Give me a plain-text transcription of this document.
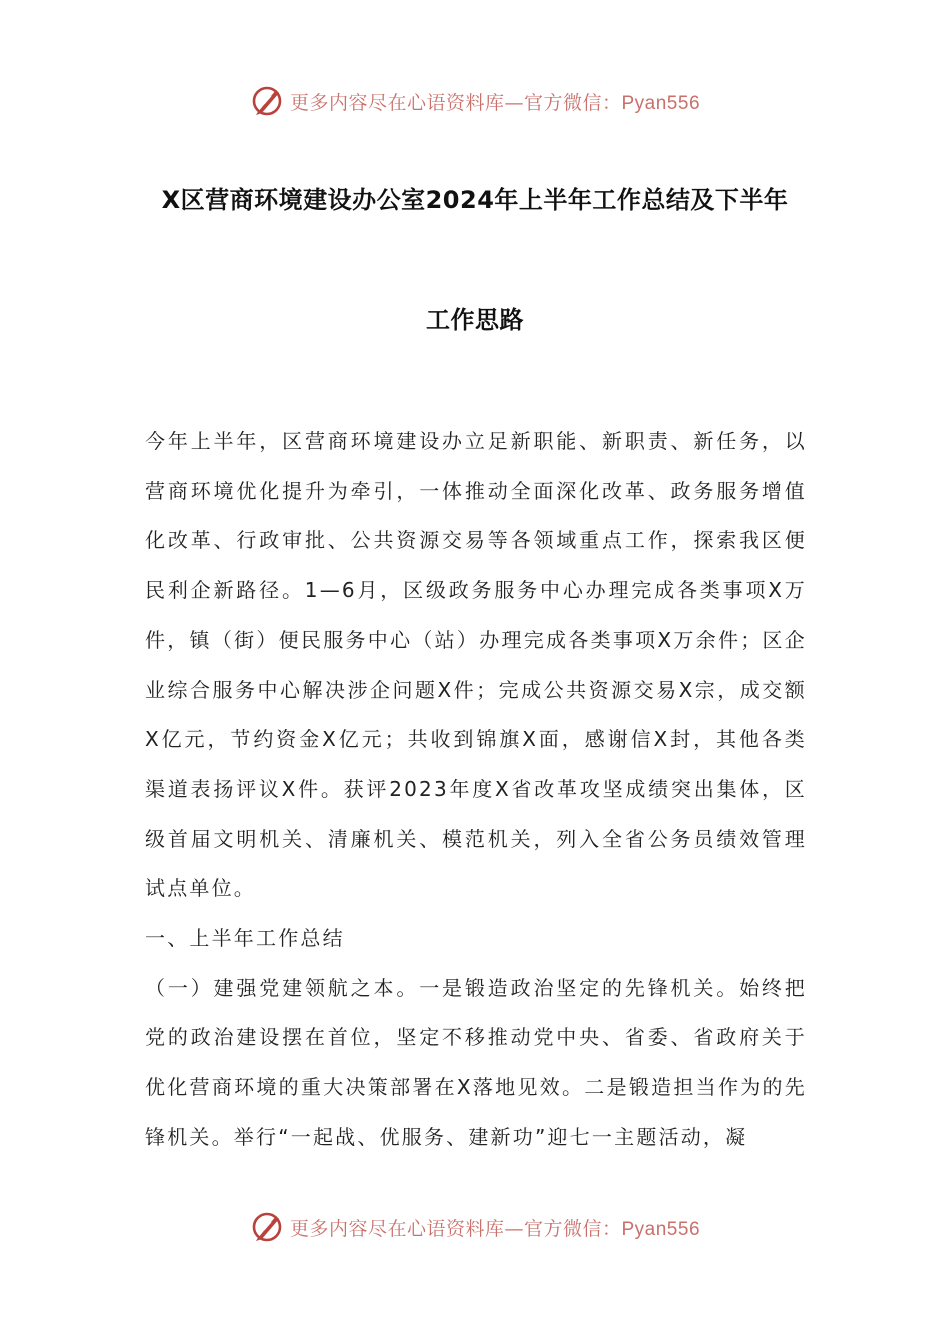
更多内容尽在心语资料库—官方微信：Pyan556
X区营商环境建设办公室2024年上半年工作总结及下半年
工作思路

今年上半年，区营商环境建设办立足新职能、新职责、新任务，以营商环境优化提升为牵引，一体推动全面深化改革、政务服务增值化改革、行政审批、公共资源交易等各领域重点工作，探索我区便民利企新路径。1—6月，区级政务服务中心办理完成各类事项X万件，镇（街）便民服务中心（站）办理完成各类事项X万余件；区企业综合服务中心解决涉企问题X件；完成公共资源交易X宗，成交额X亿元，节约资金X亿元；共收到锦旗X面，感谢信X封，其他各类渠道表扬评议X件。获评2023年度X省改革攻坚成绩突出集体，区级首届文明机关、清廉机关、模范机关，列入全省公务员绩效管理试点单位。

一、上半年工作总结

（一）建强党建领航之本。一是锻造政治坚定的先锋机关。始终把党的政治建设摆在首位，坚定不移推动党中央、省委、省政府关于优化营商环境的重大决策部署在X落地见效。二是锻造担当作为的先锋机关。举行“一起战、优服务、建新功”迎七一主题活动，凝

更多内容尽在心语资料库—官方微信：Pyan556
